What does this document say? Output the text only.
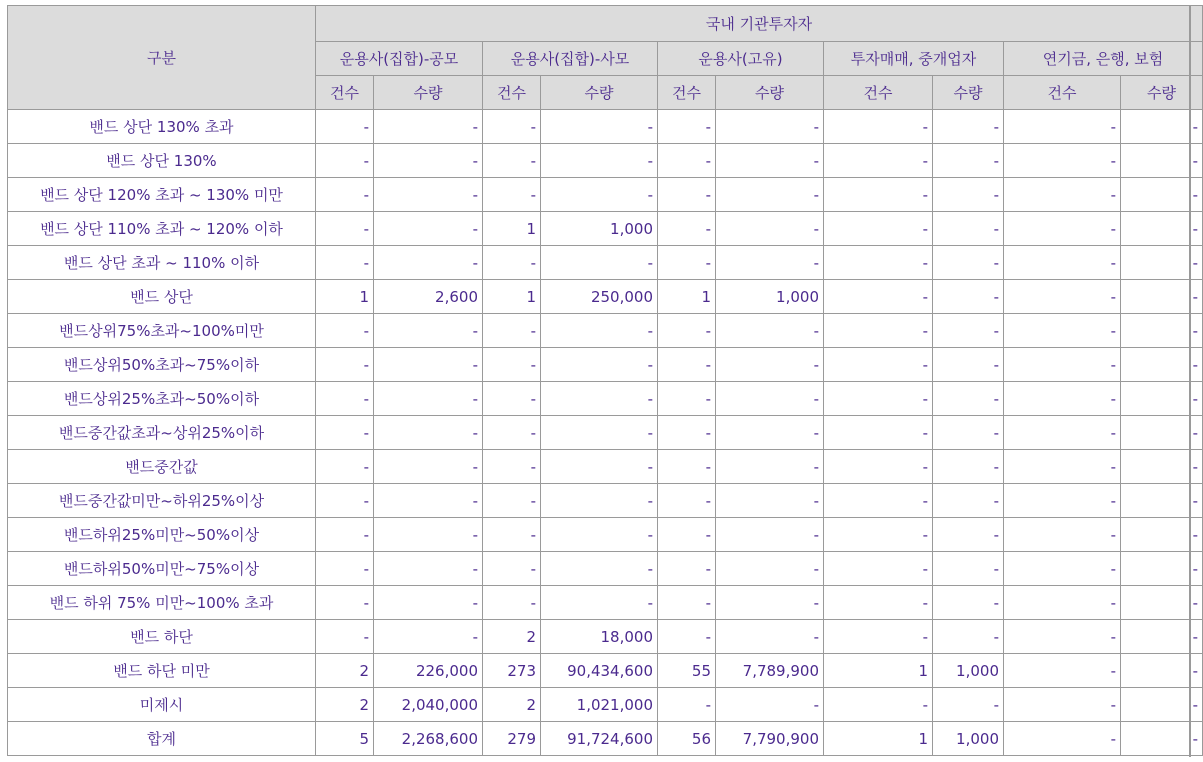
구분	국내 기관투자자									
	운용사(집합)-공모		운용사(집합)-사모		운용사(고유)		투자매매, 중개업자		연기금, 은행, 보험	
	건수	수량	건수	수량	건수	수량	건수	수량	건수	수량
밴드 상단 130% 초과	-	-	-	-	-	-	-	-	-	-
밴드 상단 130%	-	-	-	-	-	-	-	-	-	-
밴드 상단 120% 초과 ~ 130% 미만	-	-	-	-	-	-	-	-	-	-
밴드 상단 110% 초과 ~ 120% 이하	-	-	1	1,000	-	-	-	-	-	-
밴드 상단 초과 ~ 110% 이하	-	-	-	-	-	-	-	-	-	-
밴드 상단	1	2,600	1	250,000	1	1,000	-	-	-	-
밴드상위75%초과~100%미만	-	-	-	-	-	-	-	-	-	-
밴드상위50%초과~75%이하	-	-	-	-	-	-	-	-	-	-
밴드상위25%초과~50%이하	-	-	-	-	-	-	-	-	-	-
밴드중간값초과~상위25%이하	-	-	-	-	-	-	-	-	-	-
밴드중간값	-	-	-	-	-	-	-	-	-	-
밴드중간값미만~하위25%이상	-	-	-	-	-	-	-	-	-	-
밴드하위25%미만~50%이상	-	-	-	-	-	-	-	-	-	-
밴드하위50%미만~75%이상	-	-	-	-	-	-	-	-	-	-
밴드 하위 75% 미만~100% 초과	-	-	-	-	-	-	-	-	-	-
밴드 하단	-	-	2	18,000	-	-	-	-	-	-
밴드 하단 미만	2	226,000	273	90,434,600	55	7,789,900	1	1,000	-	-
미제시	2	2,040,000	2	1,021,000	-	-	-	-	-	-
합계	5	2,268,600	279	91,724,600	56	7,790,900	1	1,000	-	-
